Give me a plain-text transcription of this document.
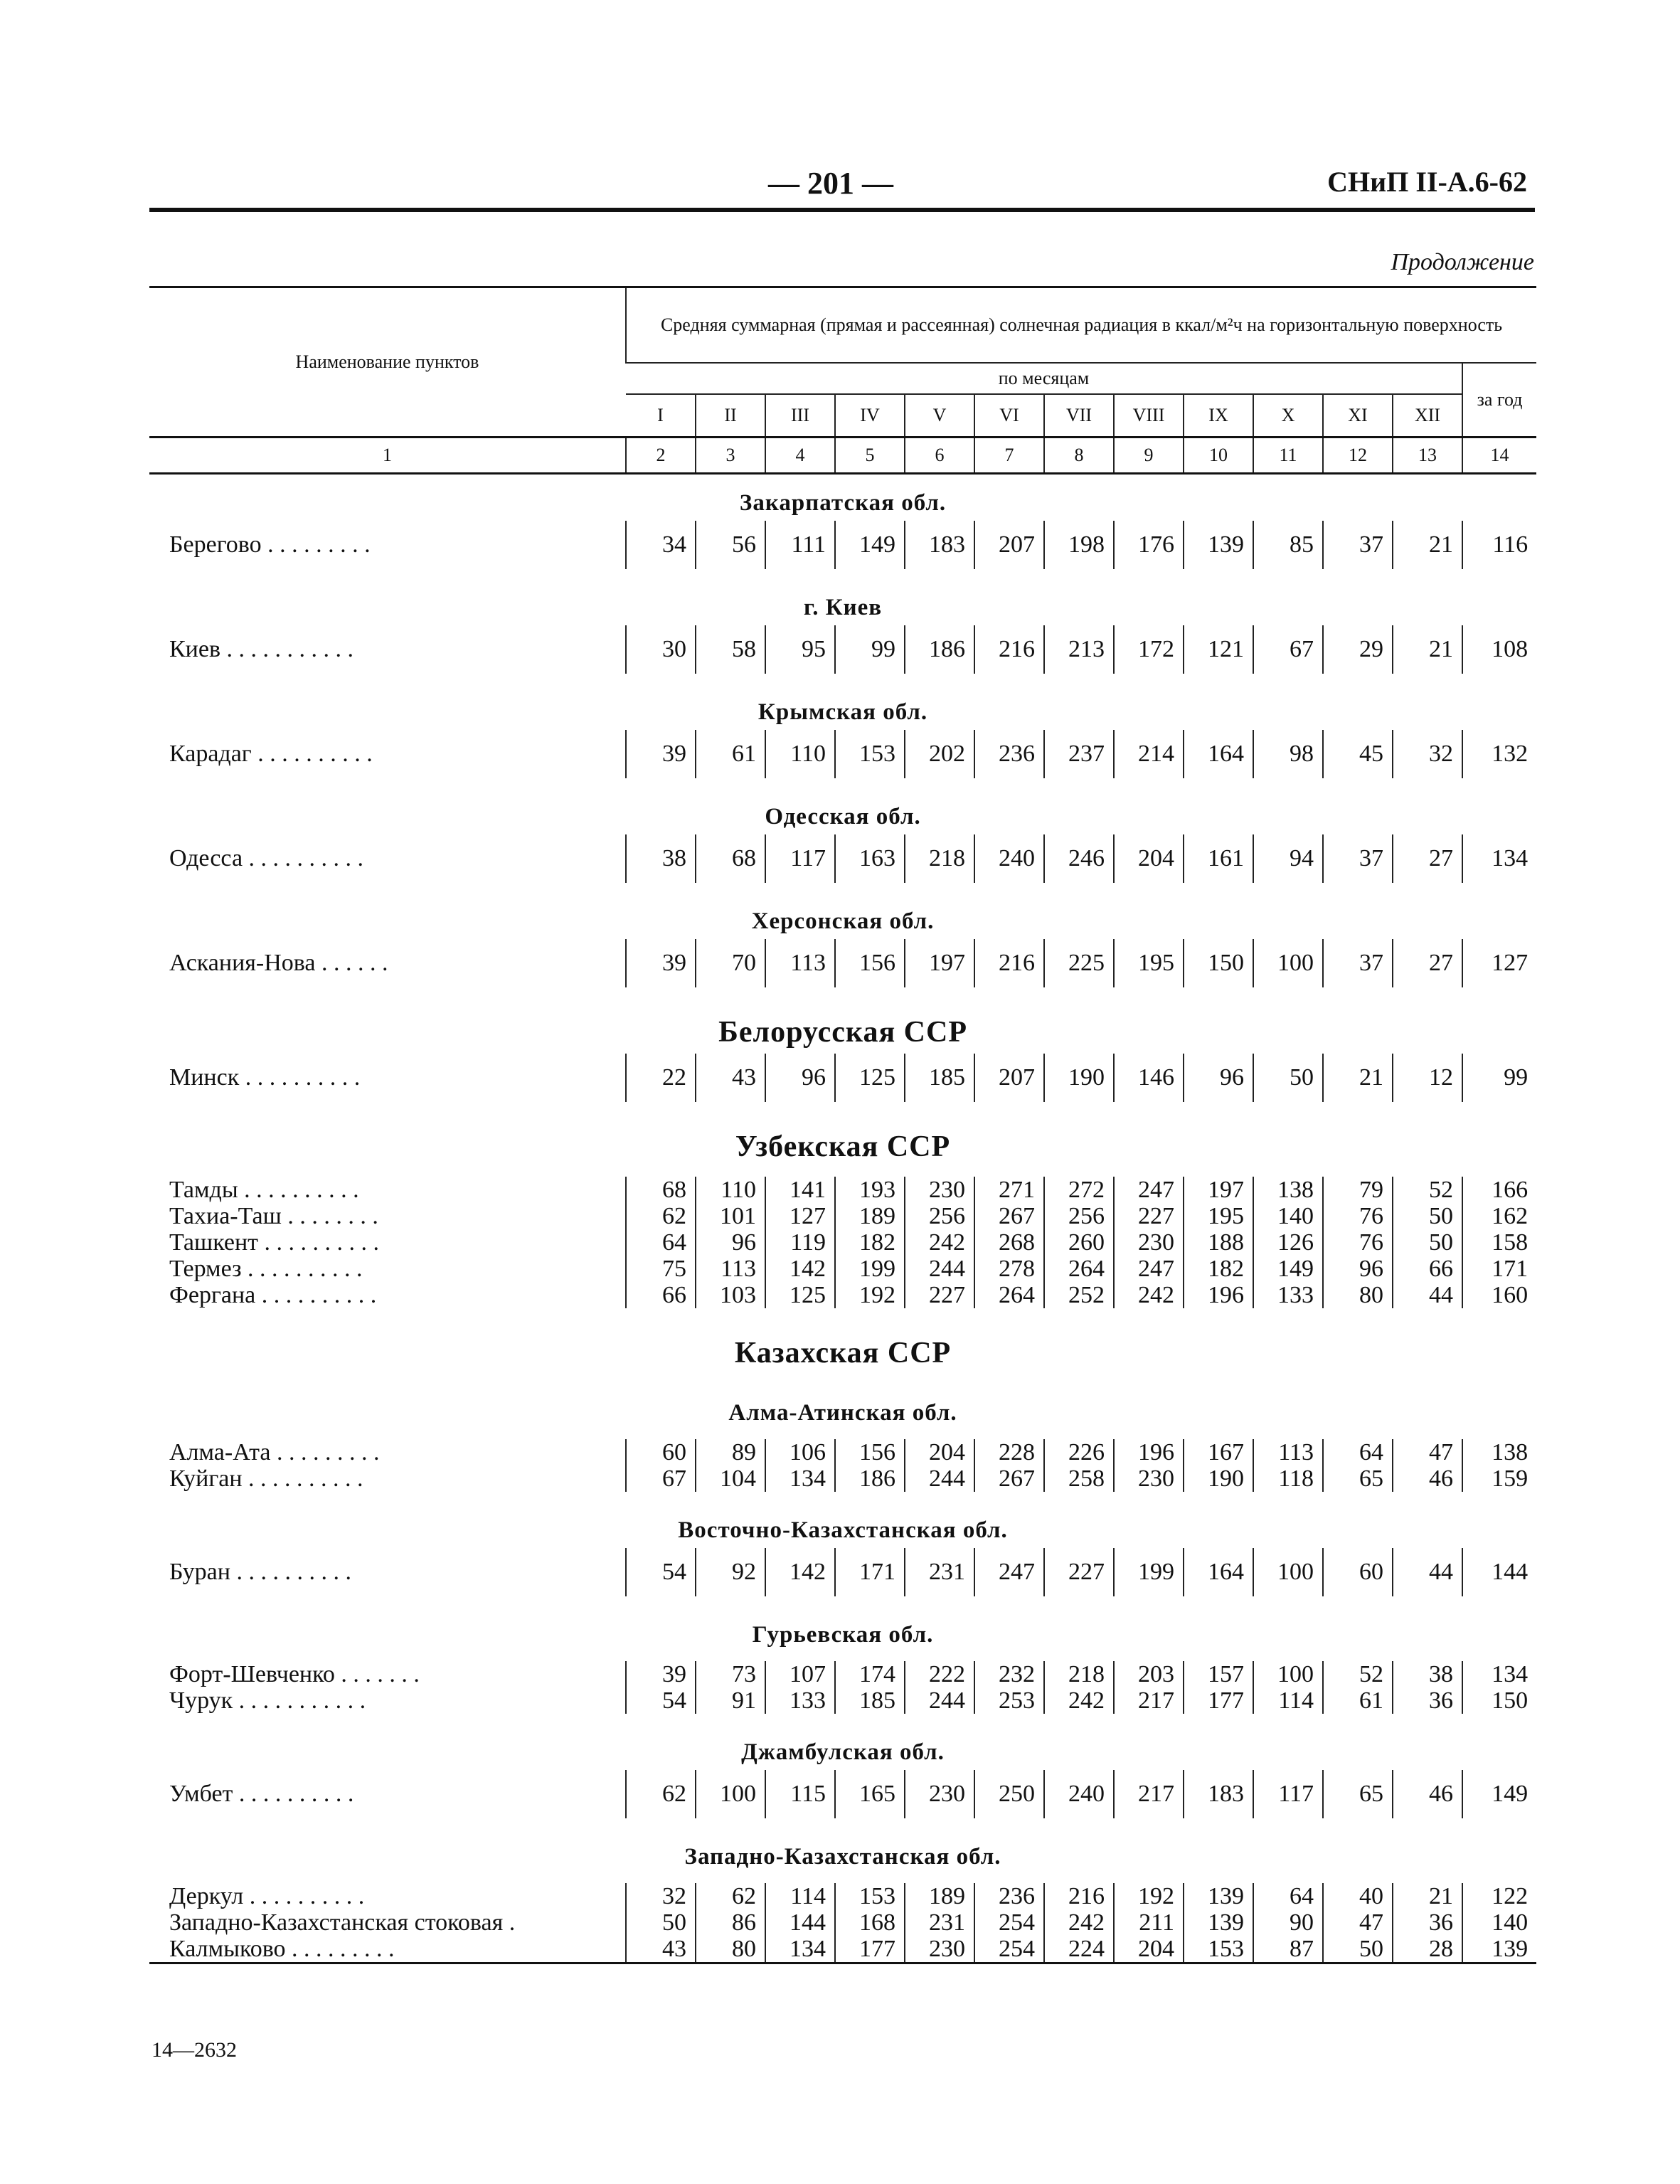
— 201 —	СНиП II-А.6-62
Продолжение
Наименование пунктов	Средняя суммарная (прямая и рассеянная) солнечная радиация в ккал/м²ч на горизонтальную поверхность												
	по месяцам												за год
	I	II	III	IV	V	VI	VII	VIII	IX	X	XI	XII	
1	2	3	4	5	6	7	8	9	10	11	12	13	14
Закарпатская обл.													
Берегово . . . . . . . . .	34	56	111	149	183	207	198	176	139	85	37	21	116
г. Киев													
Киев . . . . . . . . . . .	30	58	95	99	186	216	213	172	121	67	29	21	108
Крымская обл.													
Карадаг . . . . . . . . . .	39	61	110	153	202	236	237	214	164	98	45	32	132
Одесская обл.													
Одесса . . . . . . . . . .	38	68	117	163	218	240	246	204	161	94	37	27	134
Херсонская обл.													
Аскания-Нова . . . . . .	39	70	113	156	197	216	225	195	150	100	37	27	127
Белорусская ССР													
Минск . . . . . . . . . .	22	43	96	125	185	207	190	146	96	50	21	12	99
Узбекская ССР													

Тамды . . . . . . . . . .	68	110	141	193	230	271	272	247	197	138	79	52	166
Тахиа-Таш . . . . . . . .	62	101	127	189	256	267	256	227	195	140	76	50	162
Ташкент . . . . . . . . . .	64	96	119	182	242	268	260	230	188	126	76	50	158
Термез . . . . . . . . . .	75	113	142	199	244	278	264	247	182	149	96	66	171
Фергана . . . . . . . . . .	66	103	125	192	227	264	252	242	196	133	80	44	160
Казахская ССР													
Алма-Атинская обл.													

Алма-Ата . . . . . . . . .	60	89	106	156	204	228	226	196	167	113	64	47	138
Куйган . . . . . . . . . .	67	104	134	186	244	267	258	230	190	118	65	46	159
Восточно-Казахстанская обл.													
Буран . . . . . . . . . .	54	92	142	171	231	247	227	199	164	100	60	44	144
Гурьевская обл.													

Форт-Шевченко . . . . . . .	39	73	107	174	222	232	218	203	157	100	52	38	134
Чурук . . . . . . . . . . .	54	91	133	185	244	253	242	217	177	114	61	36	150
Джамбулская обл.													
Умбет . . . . . . . . . .	62	100	115	165	230	250	240	217	183	117	65	46	149
Западно-Казахстанская обл.													

Деркул . . . . . . . . . .	32	62	114	153	189	236	216	192	139	64	40	21	122
Западно-Казахстанская стоковая .	50	86	144	168	231	254	242	211	139	90	47	36	140
Калмыково . . . . . . . . .	43	80	134	177	230	254	224	204	153	87	50	28	139

14—2632
